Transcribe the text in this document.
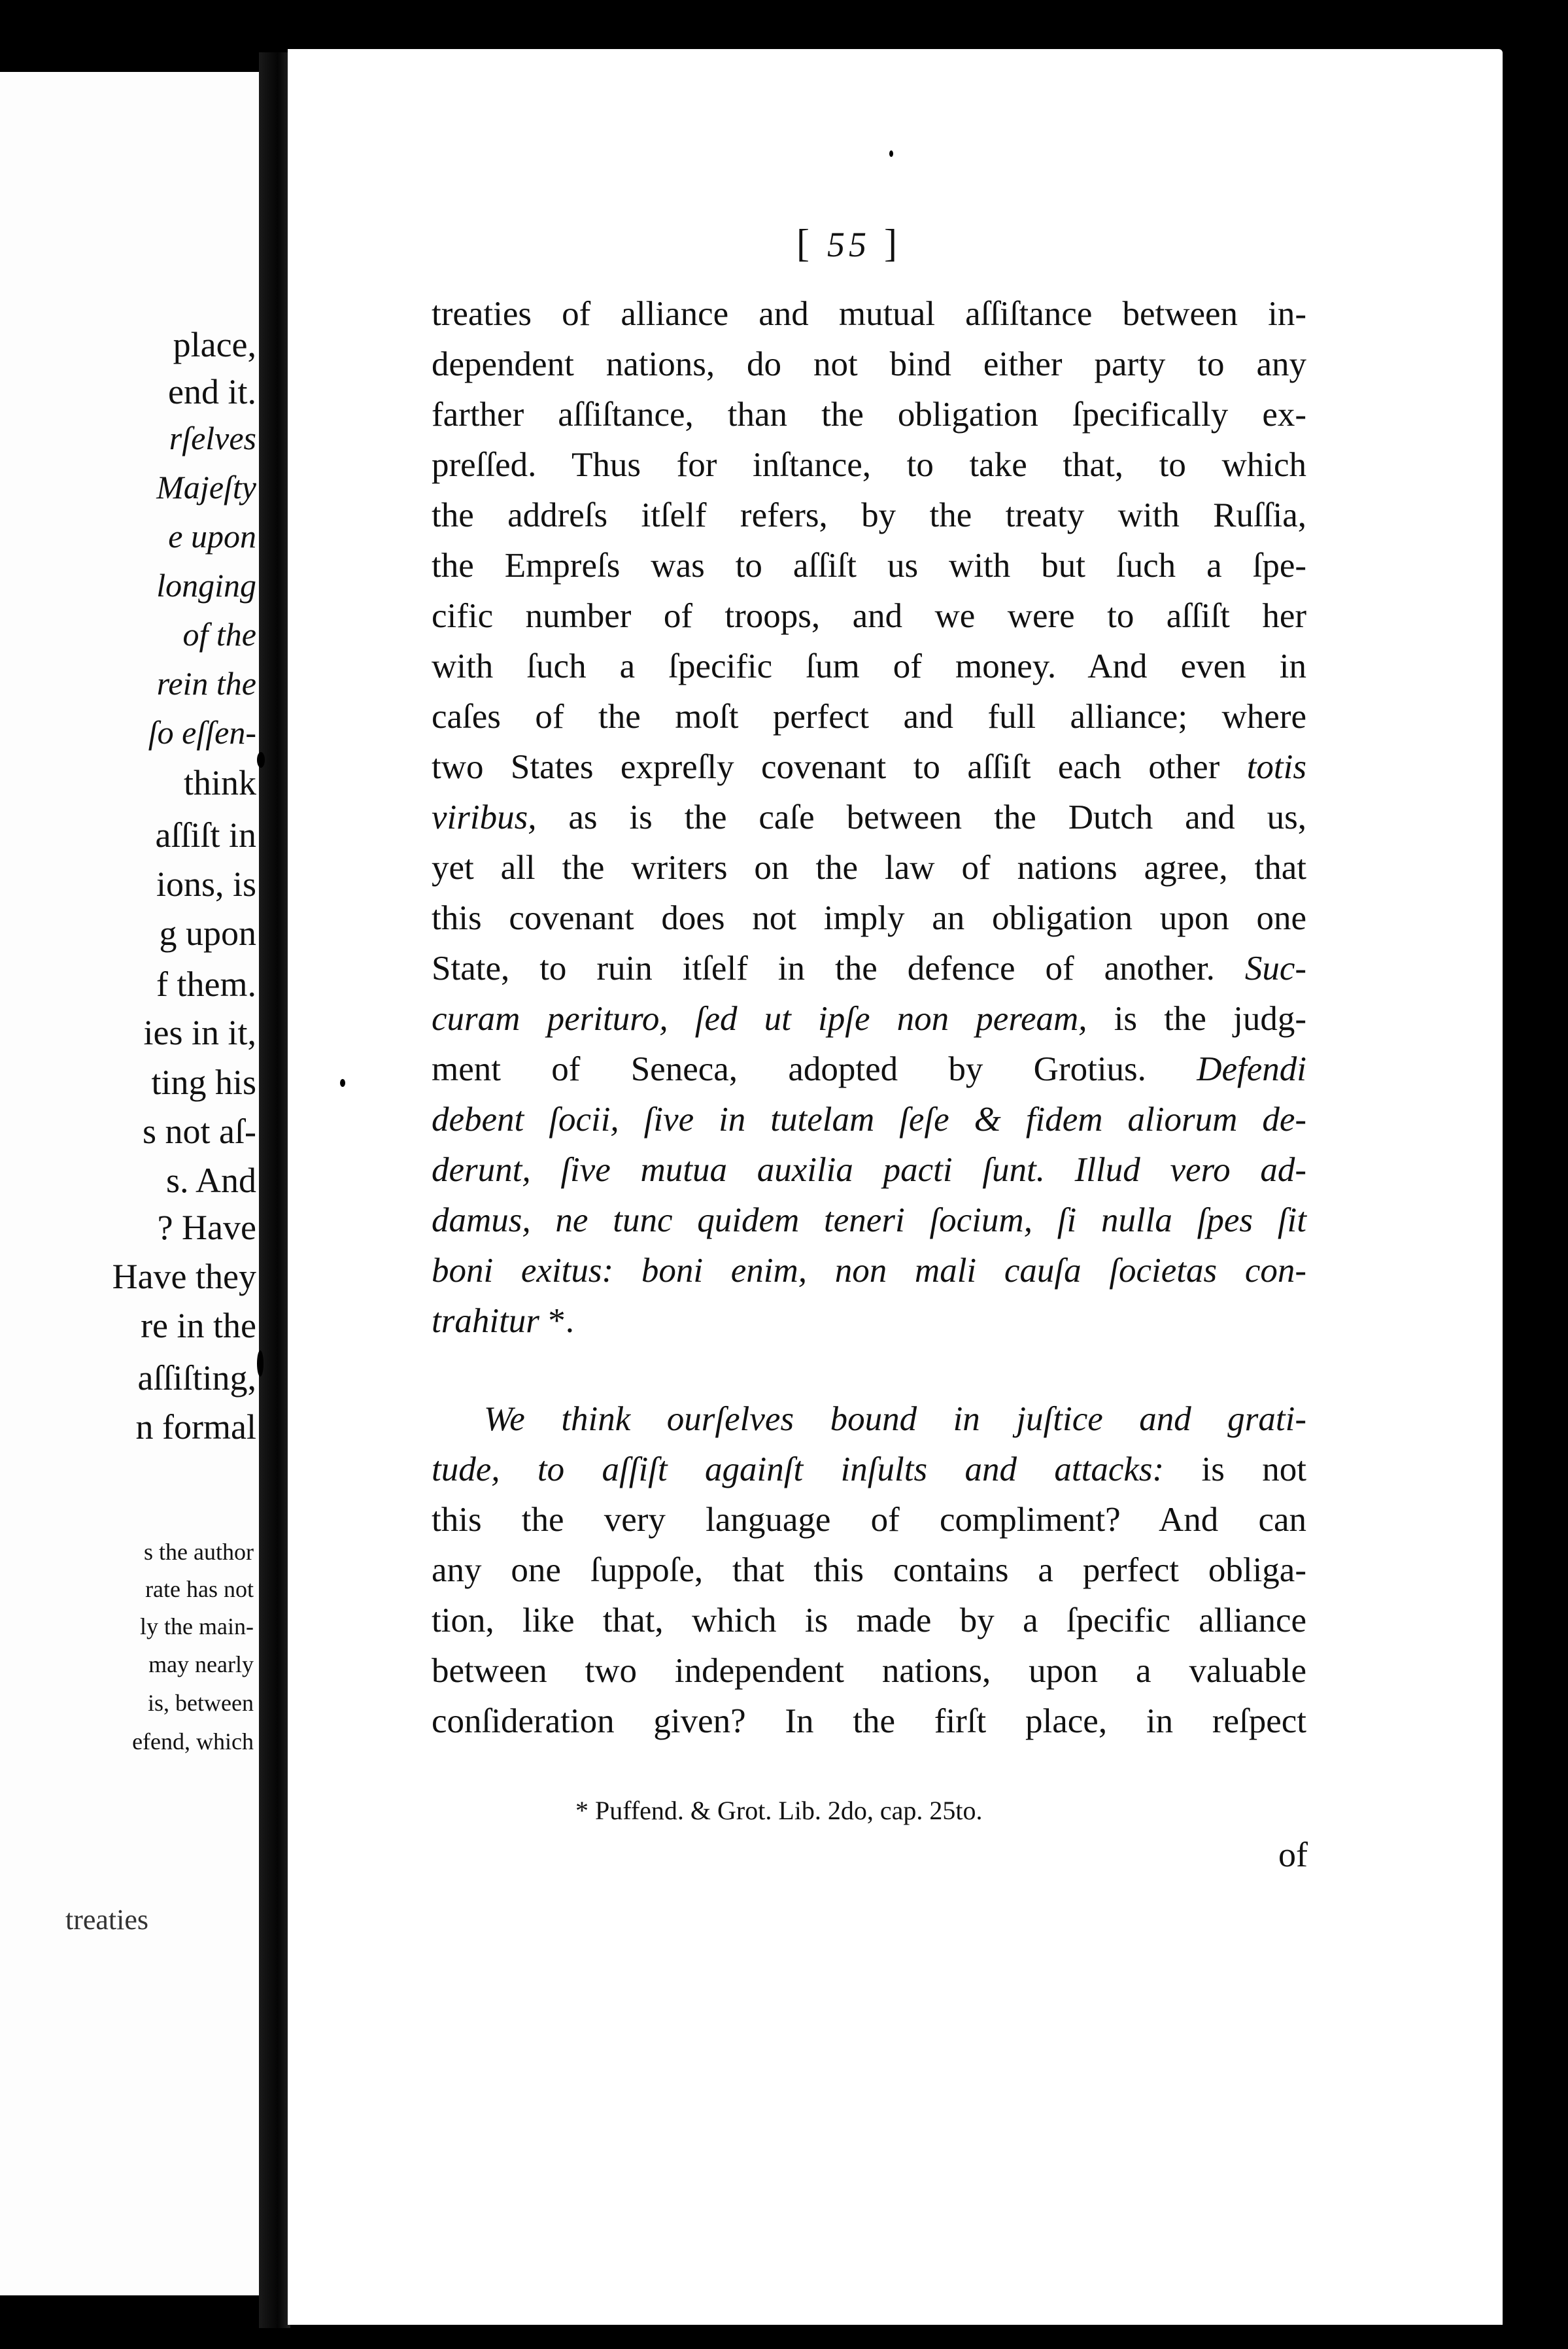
place,
end it.
rſelves
Majeſty
e upon
longing
of the
rein the
ſo eſſen-
think
aſſiſt in
ions, is
g upon
f them.
ies in it,
ting his
s not aſ-
s. And
? Have
Have they
re in the
aſſiſting,
n formal
s the author
rate has not
ly the main-
may nearly
is, between
efend, which
treaties
[ 55 ]
treaties of alliance and mutual aſſiſtance between in-
dependent nations, do not bind either party to any
farther aſſiſtance, than the obligation ſpecifically ex-
preſſed. Thus for inſtance, to take that, to which
the addreſs itſelf refers, by the treaty with Ruſſia,
the Empreſs was to aſſiſt us with but ſuch a ſpe-
cific number of troops, and we were to aſſiſt her
with ſuch a ſpecific ſum of money. And even in
caſes of the moſt perfect and full alliance; where
two States expreſly covenant to aſſiſt each other totis
viribus, as is the caſe between the Dutch and us,
yet all the writers on the law of nations agree, that
this covenant does not imply an obligation upon one
State, to ruin itſelf in the defence of another. Suc-
curam perituro, ſed ut ipſe non peream, is the judg-
ment of Seneca, adopted by Grotius. Defendi
debent ſocii, ſive in tutelam ſeſe & fidem aliorum de-
derunt, ſive mutua auxilia pacti ſunt. Illud vero ad-
damus, ne tunc quidem teneri ſocium, ſi nulla ſpes ſit
boni exitus: boni enim, non mali cauſa ſocietas con-
trahitur *.
We think ourſelves bound in juſtice and grati-
tude, to aſſiſt againſt inſults and attacks: is not
this the very language of compliment? And can
any one ſuppoſe, that this contains a perfect obliga-
tion, like that, which is made by a ſpecific alliance
between two independent nations, upon a valuable
conſideration given? In the firſt place, in reſpect
* Puffend. & Grot. Lib. 2do, cap. 25to.
of
